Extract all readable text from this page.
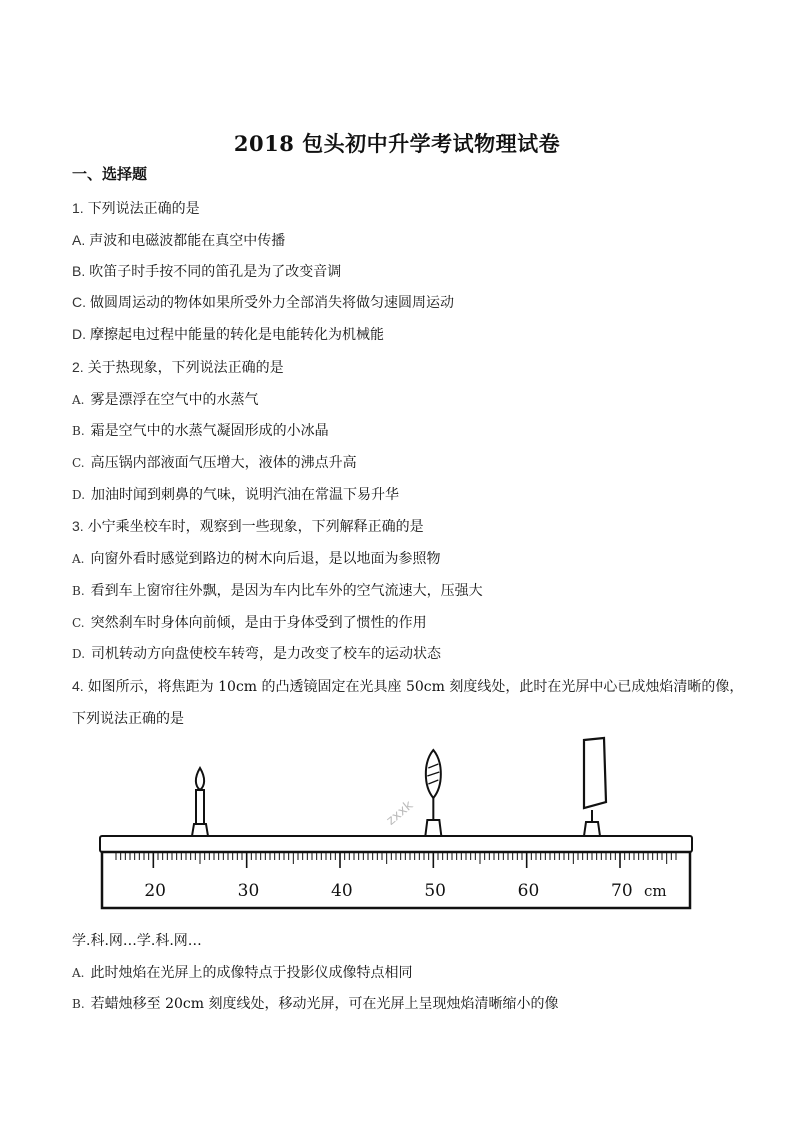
2018 包头初中升学考试物理试卷
一、选择题
1. 下列说法正确的是
A. 声波和电磁波都能在真空中传播
B. 吹笛子时手按不同的笛孔是为了改变音调
C. 做圆周运动的物体如果所受外力全部消失将做匀速圆周运动
D. 摩擦起电过程中能量的转化是电能转化为机械能
2. 关于热现象，下列说法正确的是
A. 雾是漂浮在空气中的水蒸气
B. 霜是空气中的水蒸气凝固形成的小冰晶
C. 高压锅内部液面气压增大，液体的沸点升高
D. 加油时闻到刺鼻的气味，说明汽油在常温下易升华
3. 小宁乘坐校车时，观察到一些现象，下列解释正确的是
A. 向窗外看时感觉到路边的树木向后退，是以地面为参照物
B. 看到车上窗帘往外飘，是因为车内比车外的空气流速大，压强大
C. 突然刹车时身体向前倾，是由于身体受到了惯性的作用
D. 司机转动方向盘使校车转弯，是力改变了校车的运动状态
4. 如图所示，将焦距为 10cm 的凸透镜固定在光具座 50cm 刻度线处，此时在光屏中心已成烛焰清晰的像，
下列说法正确的是
20	30	40	50	60	70 cm
zxxk
学.科.网…学.科.网…
A. 此时烛焰在光屏上的成像特点于投影仪成像特点相同
B. 若蜡烛移至 20cm 刻度线处，移动光屏，可在光屏上呈现烛焰清晰缩小的像
